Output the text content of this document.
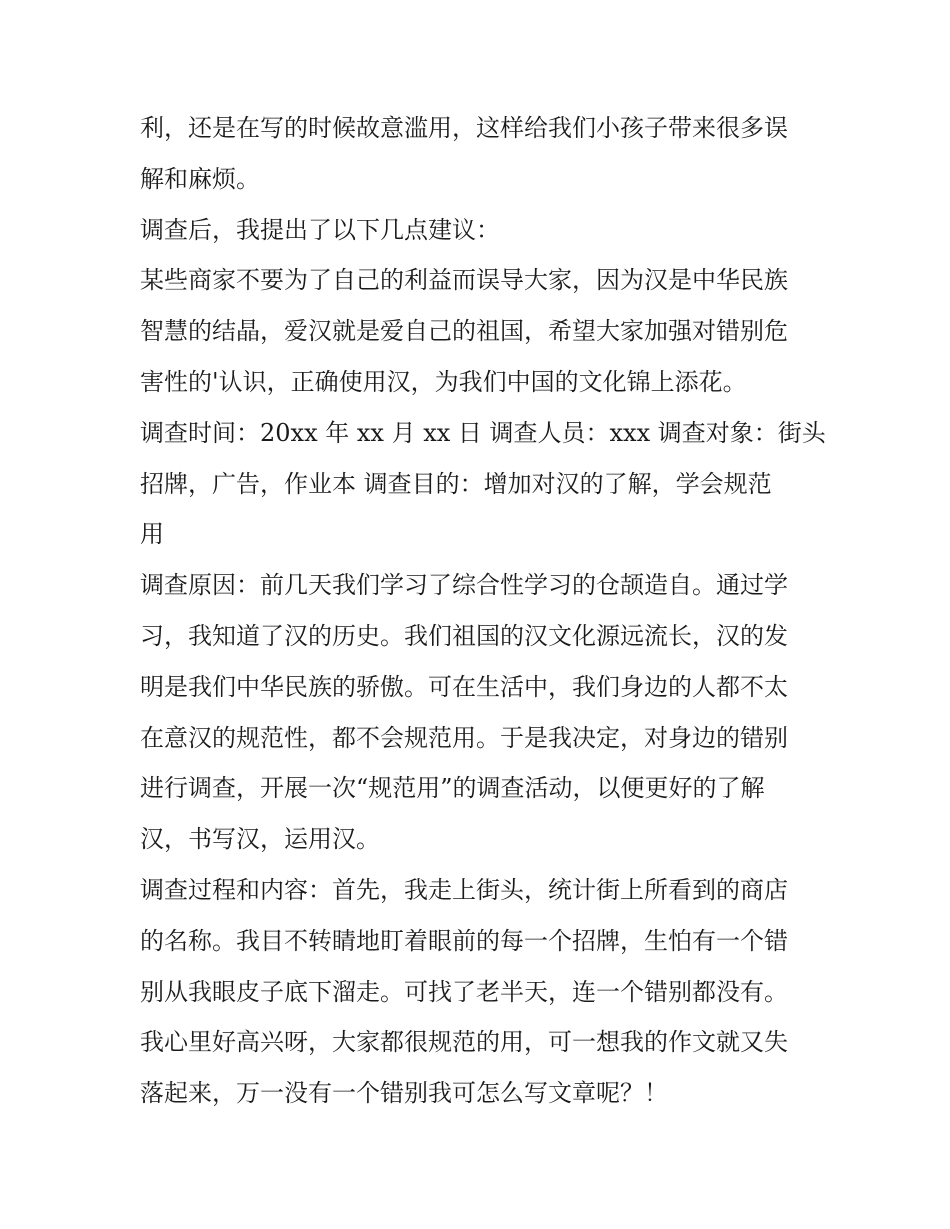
利，还是在写的时候故意滥用，这样给我们小孩子带来很多误
解和麻烦。
调查后，我提出了以下几点建议：
某些商家不要为了自己的利益而误导大家，因为汉是中华民族
智慧的结晶，爱汉就是爱自己的祖国，希望大家加强对错别危
害性的'认识，正确使用汉，为我们中国的文化锦上添花。
调查时间：20xx 年 xx 月 xx 日 调查人员：xxx 调查对象：街头
招牌，广告，作业本 调查目的：增加对汉的了解，学会规范
用
调查原因：前几天我们学习了综合性学习的仓颉造自。通过学
习，我知道了汉的历史。我们祖国的汉文化源远流长，汉的发
明是我们中华民族的骄傲。可在生活中，我们身边的人都不太
在意汉的规范性，都不会规范用。于是我决定，对身边的错别
进行调查，开展一次“规范用”的调查活动，以便更好的了解
汉，书写汉，运用汉。
调查过程和内容：首先，我走上街头，统计街上所看到的商店
的名称。我目不转睛地盯着眼前的每一个招牌，生怕有一个错
别从我眼皮子底下溜走。可找了老半天，连一个错别都没有。
我心里好高兴呀，大家都很规范的用，可一想我的作文就又失
落起来，万一没有一个错别我可怎么写文章呢？！
